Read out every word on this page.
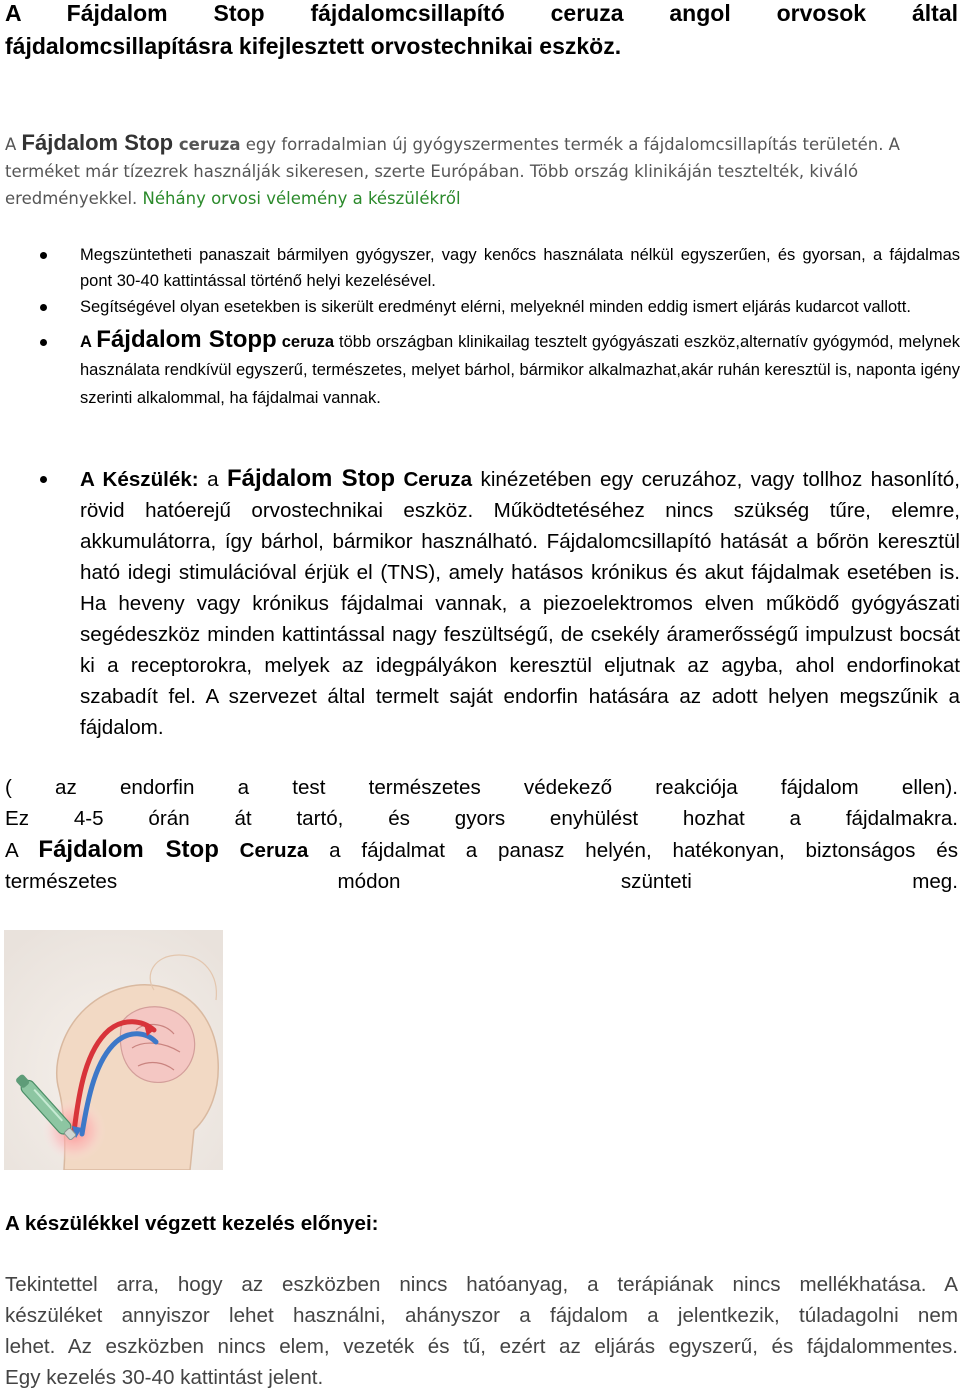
A Fájdalom Stop fájdalomcsillapító ceruza angol orvosok által
fájdalomcsillapításra kifejlesztett orvostechnikai eszköz.

A Fájdalom Stop ceruza egy forradalmian új gyógyszermentes termék a fájdalomcsillapítás területén. A terméket már tízezrek használják sikeresen, szerte Európában. Több ország klinikáján tesztelték, kiváló eredményekkel. Néhány orvosi vélemény a készülékről

Megszüntetheti panaszait bármilyen gyógyszer, vagy kenőcs használata nélkül egyszerűen, és gyorsan, a fájdalmas pont 30-40 kattintással történő helyi kezelésével.
Segítségével olyan esetekben is sikerült eredményt elérni, melyeknél minden eddig ismert eljárás kudarcot vallott.
A Fájdalom Stopp ceruza több országban klinikailag tesztelt gyógyászati eszköz,alternatív gyógymód, melynek használata rendkívül egyszerű, természetes, melyet bárhol, bármikor alkalmazhat,akár ruhán keresztül is, naponta igény szerinti alkalommal, ha fájdalmai vannak.
A Készülék: a Fájdalom Stop Ceruza kinézetében egy ceruzához, vagy tollhoz hasonlító, rövid hatóerejű orvostechnikai eszköz. Működtetéséhez nincs szükség tűre, elemre, akkumulátorra, így bárhol, bármikor használható. Fájdalomcsillapító hatását a bőrön keresztül ható idegi stimulációval érjük el (TNS), amely hatásos krónikus és akut fájdalmak esetében is. Ha heveny vagy krónikus fájdalmai vannak, a piezoelektromos elven működő gyógyászati segédeszköz minden kattintással nagy feszültségű, de csekély áramerősségű impulzust bocsát ki a receptorokra, melyek az idegpályákon keresztül eljutnak az agyba, ahol endorfinokat szabadít fel. A szervezet által termelt saját endorfin hatására az adott helyen megszűnik a fájdalom.
( az endorfin a test természetes védekező reakciója fájdalom ellen).
Ez 4-5 órán át tartó, és gyors enyhülést hozhat a fájdalmakra.
A Fájdalom Stop Ceruza a fájdalmat a panasz helyén, hatékonyan, biztonságos és
természetes módon szünteti meg.
A készülékkel végzett kezelés előnyei:
Tekintettel arra, hogy az eszközben nincs hatóanyag, a terápiának nincs mellékhatása. A
készüléket annyiszor lehet használni, ahányszor a fájdalom a jelentkezik, túladagolni nem
lehet. Az eszközben nincs elem, vezeték és tű, ezért az eljárás egyszerű, és fájdalommentes.
Egy kezelés 30-40 kattintást jelent.
